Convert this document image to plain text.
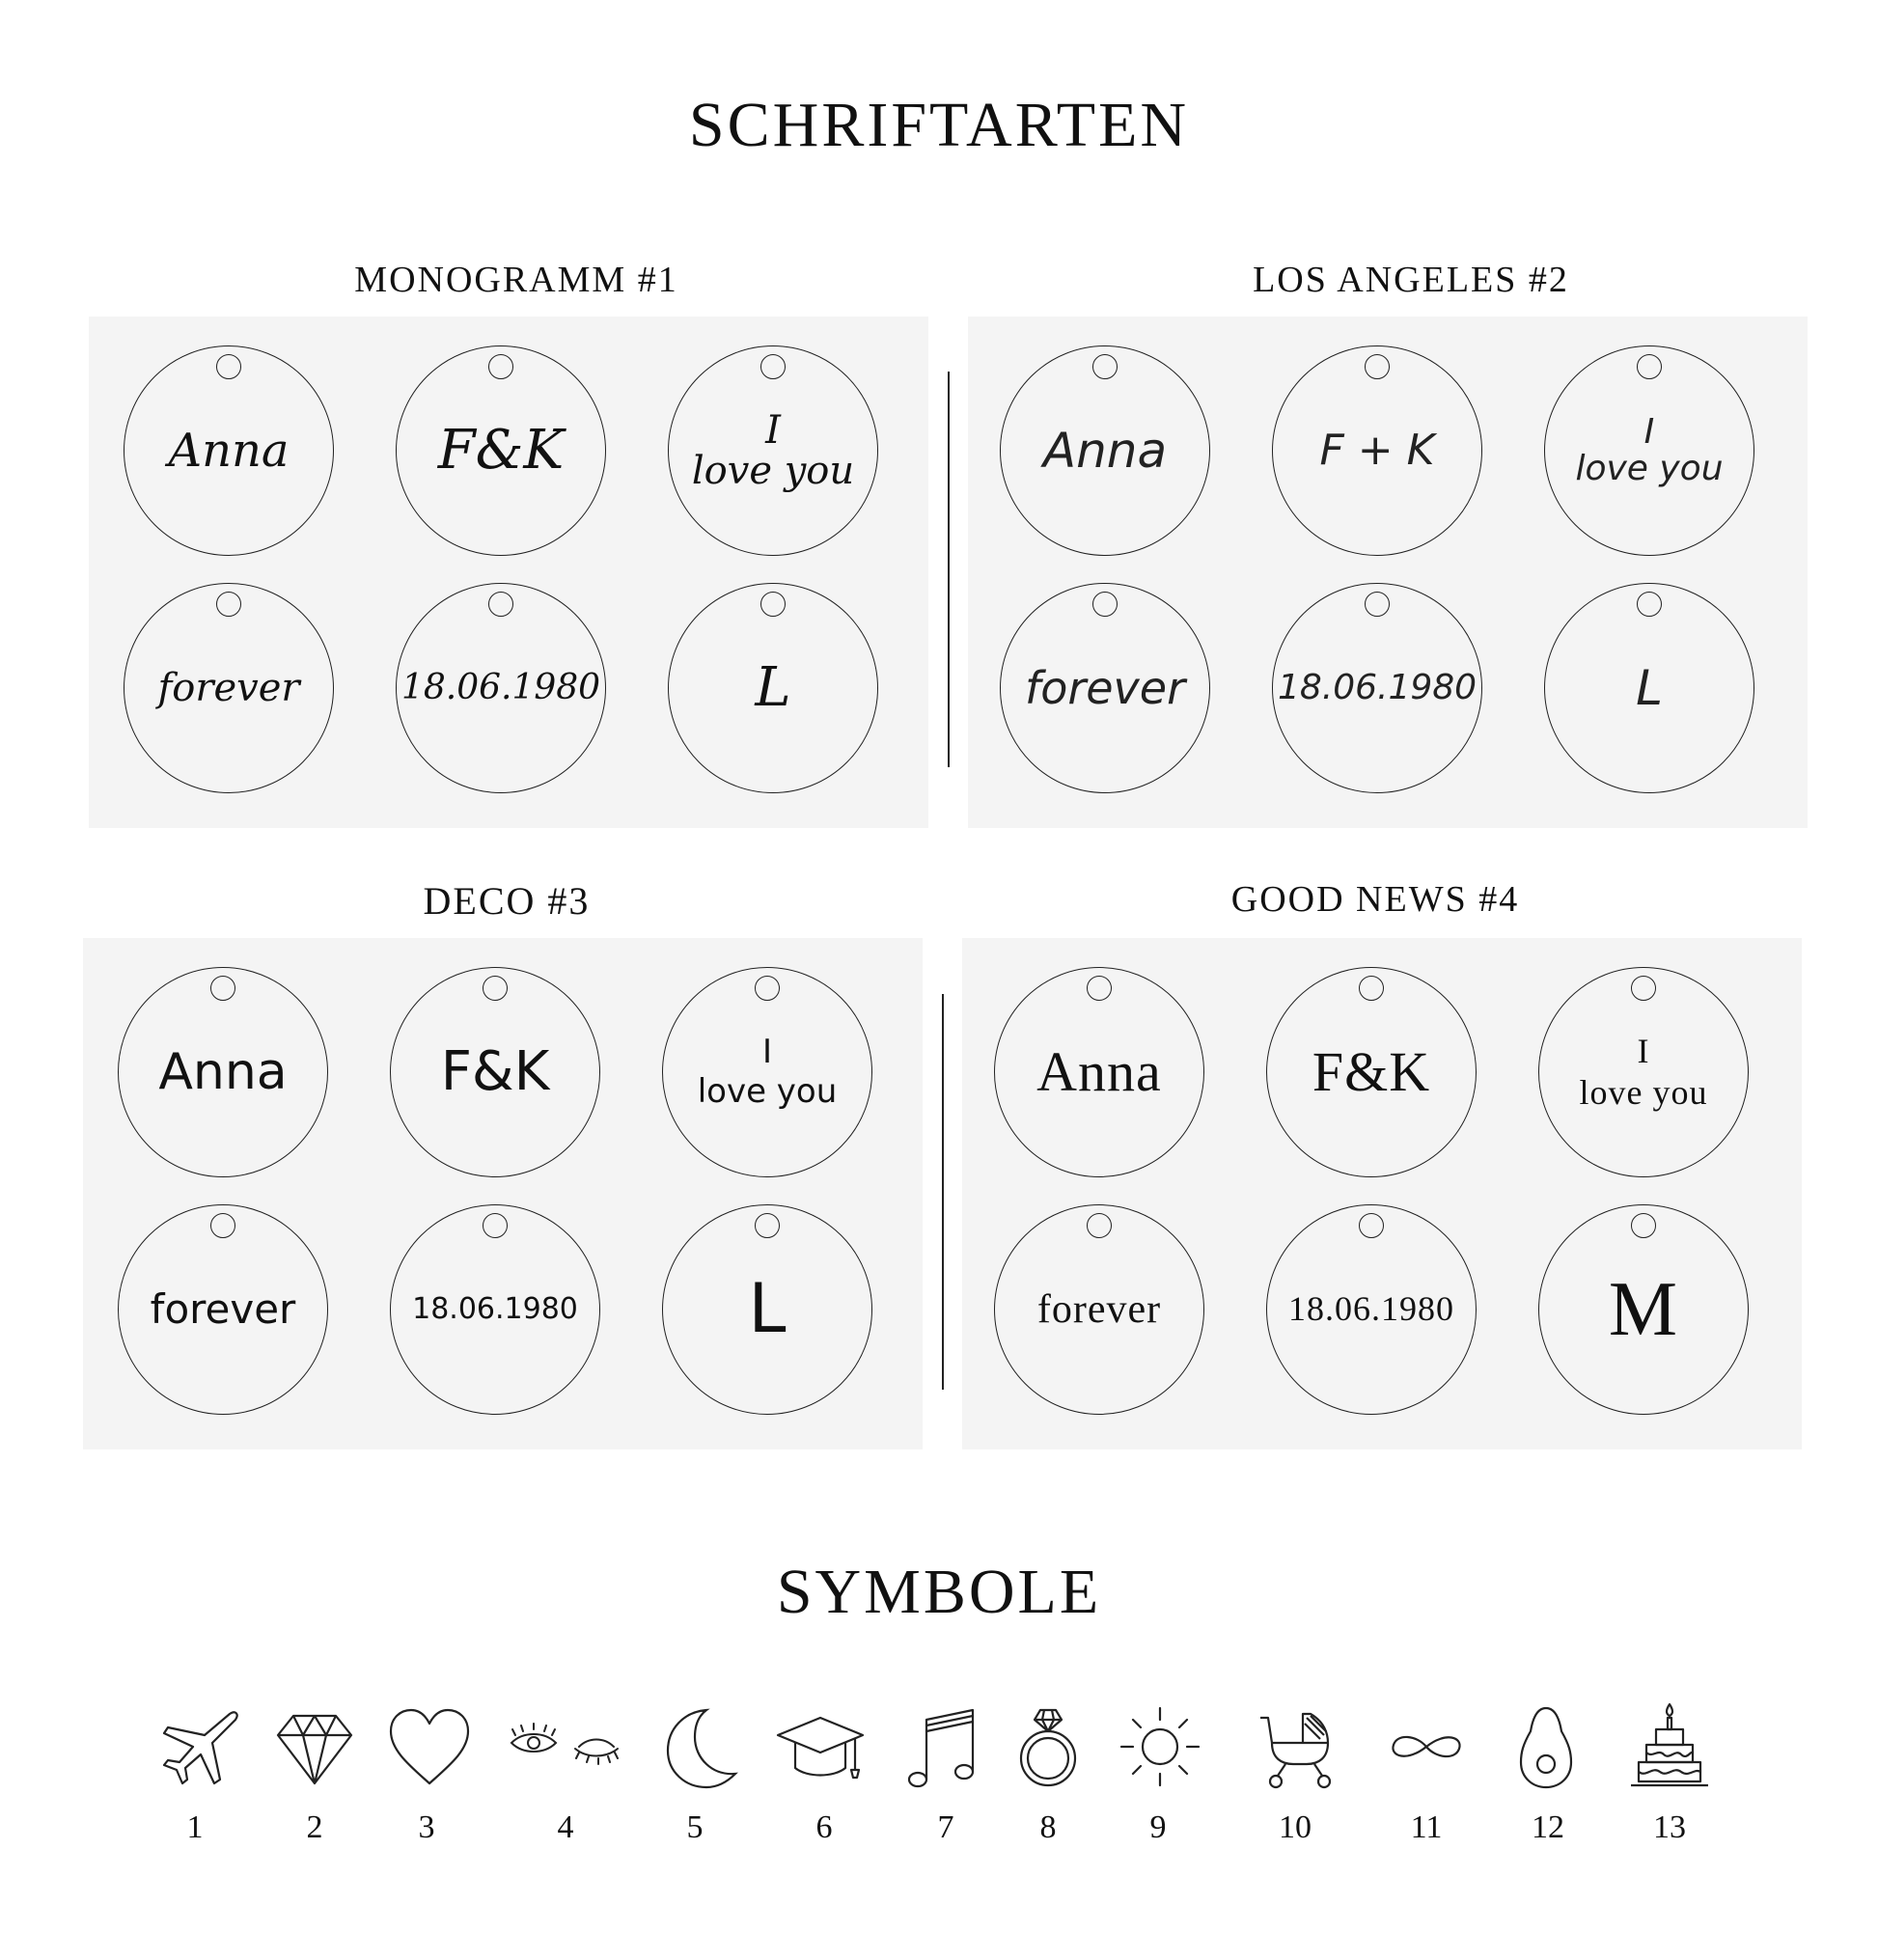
SCHRIFTARTEN
MONOGRAMM #1
Anna	F&K	I
love you
forever	18.06.1980	L
LOS ANGELES #2
Anna	F + K	I
love you
forever	18.06.1980	L
DECO #3
Anna	F&K	I
love you
forever	18.06.1980	L
GOOD NEWS #4
Anna	F&K	I
love you
forever	18.06.1980 M
SYMBOLE
1	2	3	4	5	6	7	8	9	10	11	12	13
